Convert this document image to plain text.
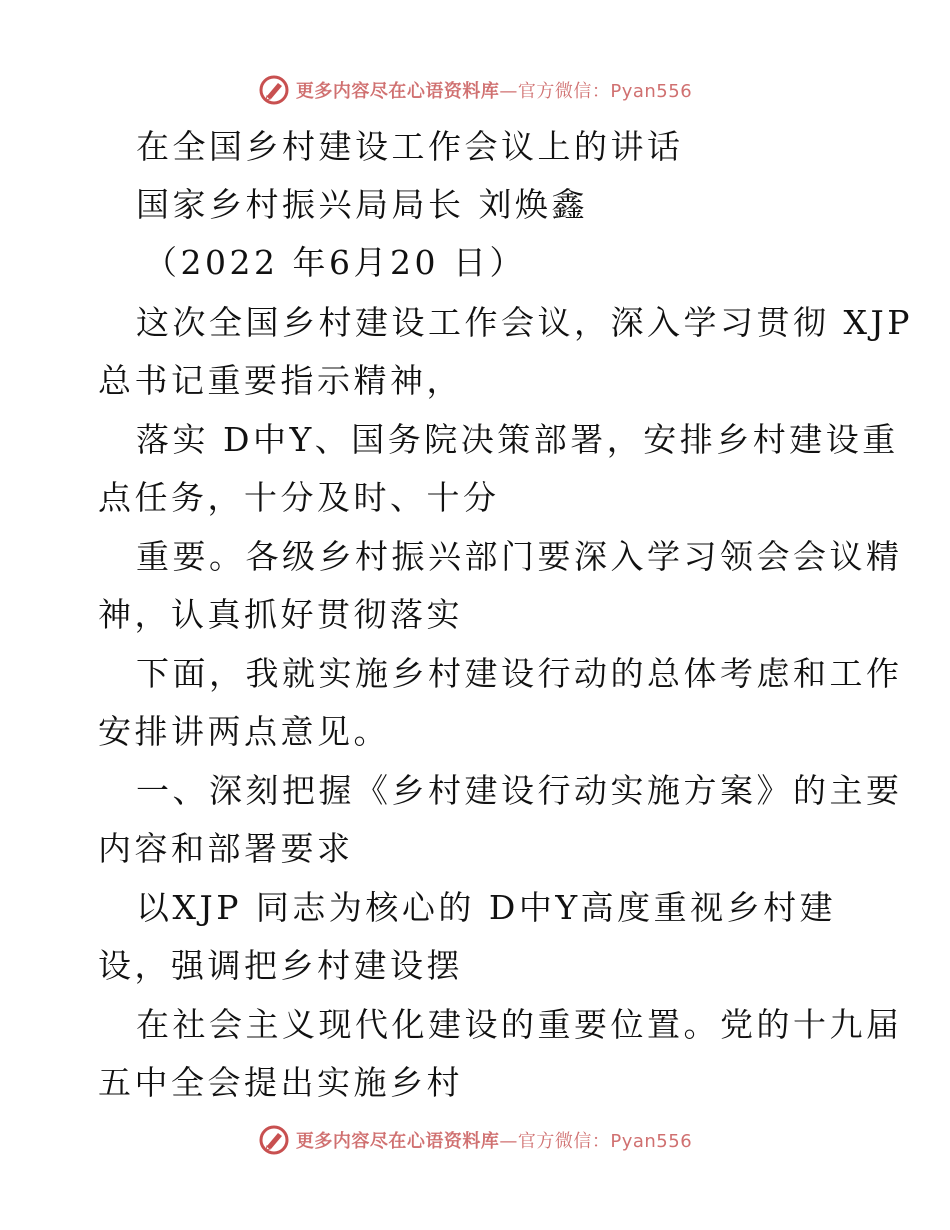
更多内容尽在心语资料库—官方微信：Pyan556
在全国乡村建设工作会议上的讲话
国家乡村振兴局局长 刘焕鑫
（2022 年6月20 日）
这次全国乡村建设工作会议，深入学习贯彻 XJP
总书记重要指示精神，
落实 D中Y、国务院决策部署，安排乡村建设重
点任务，十分及时、十分
重要。各级乡村振兴部门要深入学习领会会议精
神，认真抓好贯彻落实
下面，我就实施乡村建设行动的总体考虑和工作
安排讲两点意见。
一、深刻把握《乡村建设行动实施方案》的主要
内容和部署要求
以XJP 同志为核心的 D中Y高度重视乡村建
设，强调把乡村建设摆
在社会主义现代化建设的重要位置。党的十九届
五中全会提出实施乡村
更多内容尽在心语资料库—官方微信：Pyan556
